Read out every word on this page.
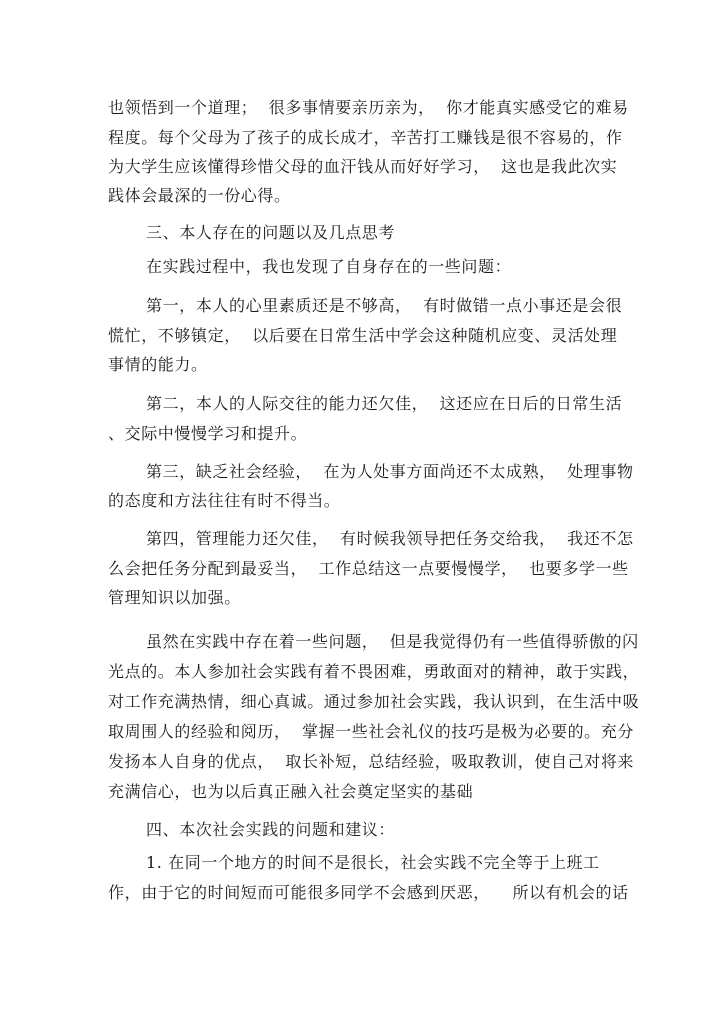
也领悟到一个道理；  很多事情要亲历亲为，  你才能真实感受它的难易
程度。每个父母为了孩子的成长成才，辛苦打工赚钱是很不容易的，作
为大学生应该懂得珍惜父母的血汗钱从而好好学习，  这也是我此次实
践体会最深的一份心得。
三、本人存在的问题以及几点思考
在实践过程中，我也发现了自身存在的一些问题：
第一，本人的心里素质还是不够高，  有时做错一点小事还是会很
慌忙，不够镇定，  以后要在日常生活中学会这种随机应变、灵活处理
事情的能力。
第二，本人的人际交往的能力还欠佳，  这还应在日后的日常生活
、交际中慢慢学习和提升。
第三，缺乏社会经验，  在为人处事方面尚还不太成熟，  处理事物
的态度和方法往往有时不得当。
第四，管理能力还欠佳，  有时候我领导把任务交给我，  我还不怎
么会把任务分配到最妥当，  工作总结这一点要慢慢学，  也要多学一些
管理知识以加强。
虽然在实践中存在着一些问题，  但是我觉得仍有一些值得骄傲的闪
光点的。本人参加社会实践有着不畏困难，勇敢面对的精神，敢于实践，
对工作充满热情，细心真诚。通过参加社会实践，我认识到，在生活中吸
取周围人的经验和阅历，  掌握一些社会礼仪的技巧是极为必要的。充分
发扬本人自身的优点，  取长补短，总结经验，吸取教训，使自己对将来
充满信心，也为以后真正融入社会奠定坚实的基础
四、本次社会实践的问题和建议：
1. 在同一个地方的时间不是很长，社会实践不完全等于上班工
作，由于它的时间短而可能很多同学不会感到厌恶，    所以有机会的话
